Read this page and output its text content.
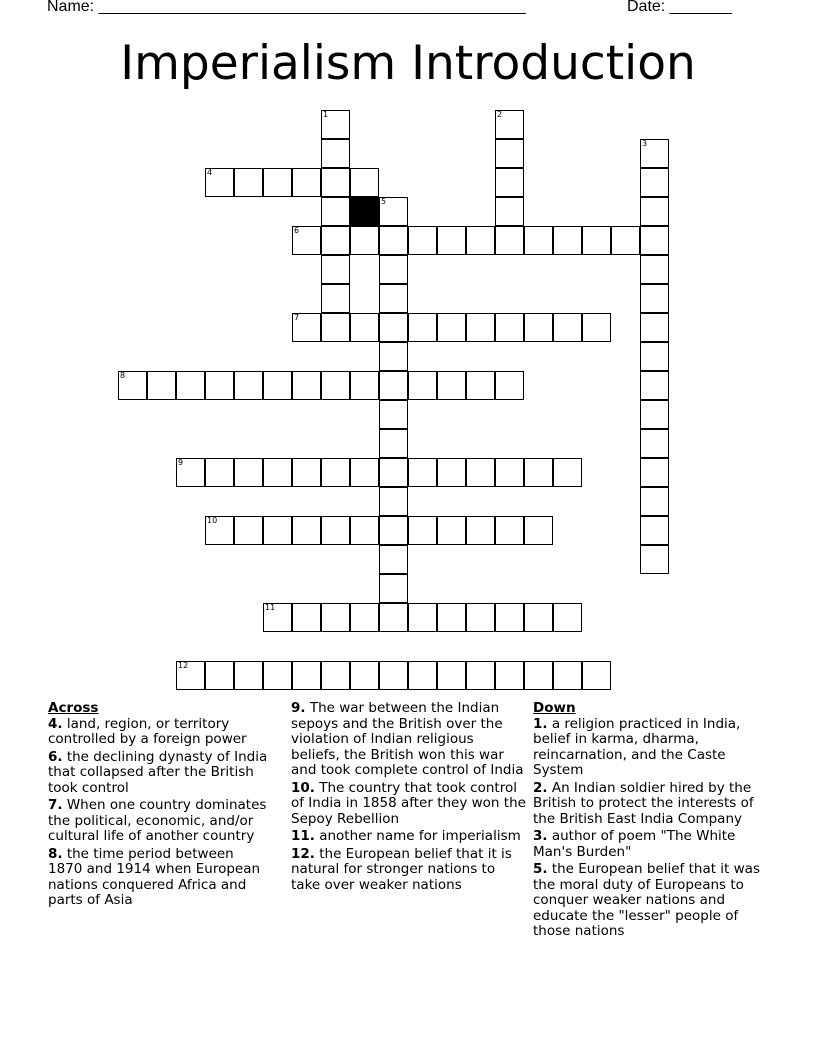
Name: ________________________________________________	Date: _______
Imperialism Introduction
1	2
3
4
5
6
7
8
9
10
11
12
Across
4. land, region, or territory controlled by a foreign power
6. the declining dynasty of India that collapsed after the British took control
7. When one country dominates the political, economic, and/or cultural life of another country
8. the time period between 1870 and 1914 when European nations conquered Africa and parts of Asia
9. The war between the Indian sepoys and the British over the violation of Indian religious beliefs, the British won this war and took complete control of India
10. The country that took control of India in 1858 after they won the Sepoy Rebellion
11. another name for imperialism
12. the European belief that it is natural for stronger nations to take over weaker nations
Down
1. a religion practiced in India, belief in karma, dharma, reincarnation, and the Caste System
2. An Indian soldier hired by the British to protect the interests of the British East India Company
3. author of poem "The White Man's Burden"
5. the European belief that it was the moral duty of Europeans to conquer weaker nations and educate the "lesser" people of those nations
